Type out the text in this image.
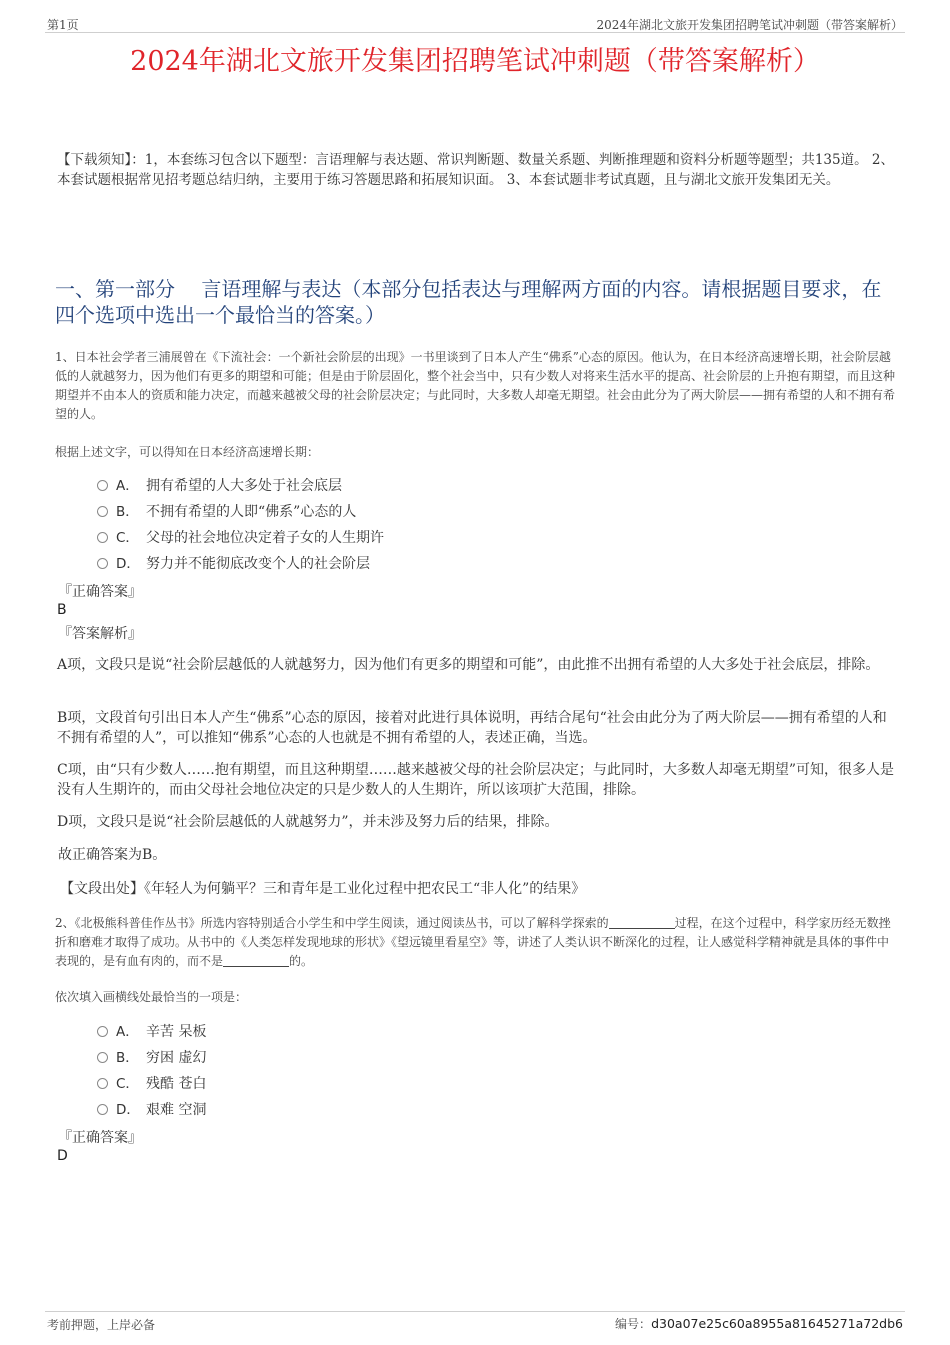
第1页	2024年湖北文旅开发集团招聘笔试冲刺题（带答案解析）
2024年湖北文旅开发集团招聘笔试冲刺题（带答案解析）
【下载须知】：1，本套练习包含以下题型：言语理解与表达题、常识判断题、数量关系题、判断推理题和资料分析题等题型；共135道。 2、本套试题根据常见招考题总结归纳，主要用于练习答题思路和拓展知识面。 3、本套试题非考试真题，且与湖北文旅开发集团无关。
一、第一部分　 言语理解与表达（本部分包括表达与理解两方面的内容。请根据题目要求，在四个选项中选出一个最恰当的答案。）
1、日本社会学者三浦展曾在《下流社会：一个新社会阶层的出现》一书里谈到了日本人产生“佛系”心态的原因。他认为，在日本经济高速增长期，社会阶层越低的人就越努力，因为他们有更多的期望和可能；但是由于阶层固化，整个社会当中，只有少数人对将来生活水平的提高、社会阶层的上升抱有期望，而且这种期望并不由本人的资质和能力决定，而越来越被父母的社会阶层决定；与此同时，大多数人却毫无期望。社会由此分为了两大阶层——拥有希望的人和不拥有希望的人。
根据上述文字，可以得知在日本经济高速增长期：
A． 拥有希望的人大多处于社会底层
B． 不拥有希望的人即“佛系”心态的人
C． 父母的社会地位决定着子女的人生期许
D． 努力并不能彻底改变个人的社会阶层
『正确答案』
B
『答案解析』
A项，文段只是说“社会阶层越低的人就越努力，因为他们有更多的期望和可能”，由此推不出拥有希望的人大多处于社会底层，排除。
B项，文段首句引出日本人产生“佛系”心态的原因，接着对此进行具体说明，再结合尾句“社会由此分为了两大阶层——拥有希望的人和不拥有希望的人”，可以推知“佛系”心态的人也就是不拥有希望的人，表述正确，当选。
C项，由“只有少数人……抱有期望，而且这种期望……越来越被父母的社会阶层决定；与此同时，大多数人却毫无期望”可知，很多人是没有人生期许的，而由父母社会地位决定的只是少数人的人生期许，所以该项扩大范围，排除。
D项，文段只是说“社会阶层越低的人就越努力”，并未涉及努力后的结果，排除。
故正确答案为B。
【文段出处】《年轻人为何躺平？三和青年是工业化过程中把农民工“非人化”的结果》
2、《北极熊科普佳作丛书》所选内容特别适合小学生和中学生阅读，通过阅读丛书，可以了解科学探索的	过程，在这个过程中，科学家历经无数挫折和磨难才取得了成功。从书中的《人类怎样发现地球的形状》《望远镜里看星空》等，讲述了人类认识不断深化的过程，让人感觉科学精神就是具体的事件中表现的，是有血有肉的，而不是	的。
依次填入画横线处最恰当的一项是：
A． 辛苦 呆板
B． 穷困 虚幻
C． 残酷 苍白
D． 艰难 空洞
『正确答案』
D
考前押题，上岸必备	编号：d30a07e25c60a8955a81645271a72db6
